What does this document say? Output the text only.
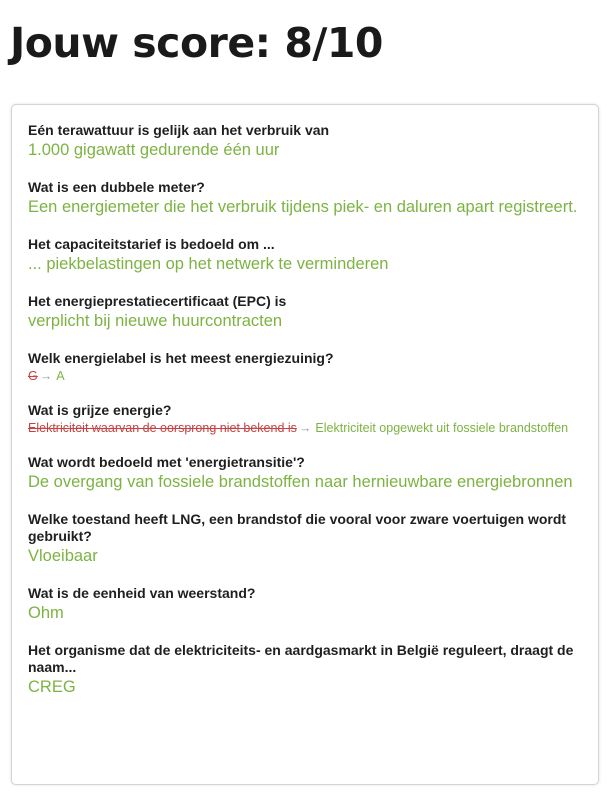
Jouw score: 8/10
Eén terawattuur is gelijk aan het verbruik van
1.000 gigawatt gedurende één uur
Wat is een dubbele meter?
Een energiemeter die het verbruik tijdens piek- en daluren apart registreert.
Het capaciteitstarief is bedoeld om ...
... piekbelastingen op het netwerk te verminderen
Het energieprestatiecertificaat (EPC) is
verplicht bij nieuwe huurcontracten
Welk energielabel is het meest energiezuinig?
G → A
Wat is grijze energie?
Elektriciteit waarvan de oorsprong niet bekend is → Elektriciteit opgewekt uit fossiele brandstoffen
Wat wordt bedoeld met 'energietransitie'?
De overgang van fossiele brandstoffen naar hernieuwbare energiebronnen
Welke toestand heeft LNG, een brandstof die vooral voor zware voertuigen wordt gebruikt?
Vloeibaar
Wat is de eenheid van weerstand?
Ohm
Het organisme dat de elektriciteits- en aardgasmarkt in België reguleert, draagt de naam...
CREG
